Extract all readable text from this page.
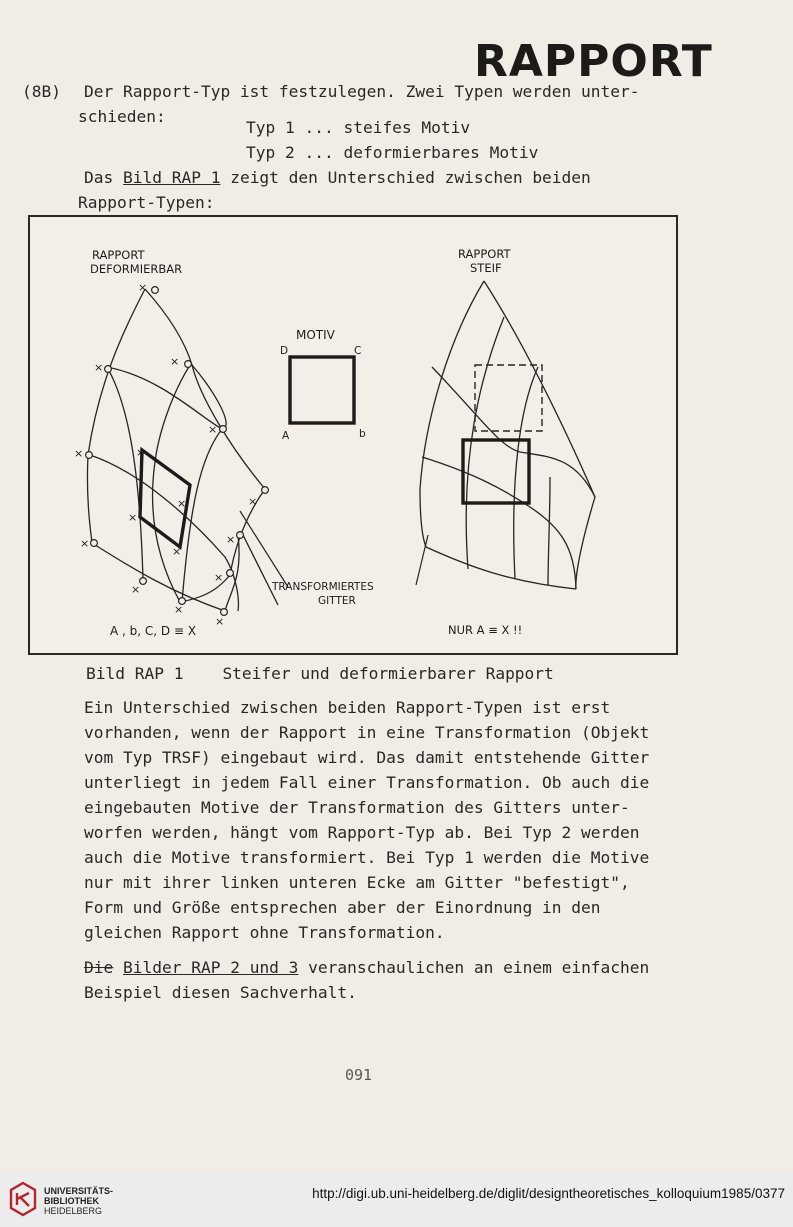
RAPPORT
(8B) Der Rapport-Typ ist festzulegen. Zwei Typen werden unter-
schieden:
Typ 1 ... steifes Motiv
Typ 2 ... deformierbares Motiv
Das Bild RAP 1 zeigt den Unterschied zwischen beiden
Rapport-Typen:
×
×	×
×
×
×
×	×
×
×
×
×
×
×
×
×
RAPPORT
DEFORMIERBAR
MOTIV
D	C
A	b
RAPPORT
STEIF
TRANSFORMIERTES
GITTER
A , b, C, D ≡ X	NUR A ≡ X !!
Bild RAP 1    Steifer und deformierbarer Rapport
Ein Unterschied zwischen beiden Rapport-Typen ist erst
vorhanden, wenn der Rapport in eine Transformation (Objekt
vom Typ TRSF) eingebaut wird. Das damit entstehende Gitter
unterliegt in jedem Fall einer Transformation. Ob auch die
eingebauten Motive der Transformation des Gitters unter-
worfen werden, hängt vom Rapport-Typ ab. Bei Typ 2 werden
auch die Motive transformiert. Bei Typ 1 werden die Motive
nur mit ihrer linken unteren Ecke am Gitter "befestigt",
Form und Größe entsprechen aber der Einordnung in den
gleichen Rapport ohne Transformation.
Die Bilder RAP 2 und 3 veranschaulichen an einem einfachen
Beispiel diesen Sachverhalt.
091
UNIVERSITÄTS-
BIBLIOTHEK
HEIDELBERG
http://digi.ub.uni-heidelberg.de/diglit/designtheoretisches_kolloquium1985/0377
